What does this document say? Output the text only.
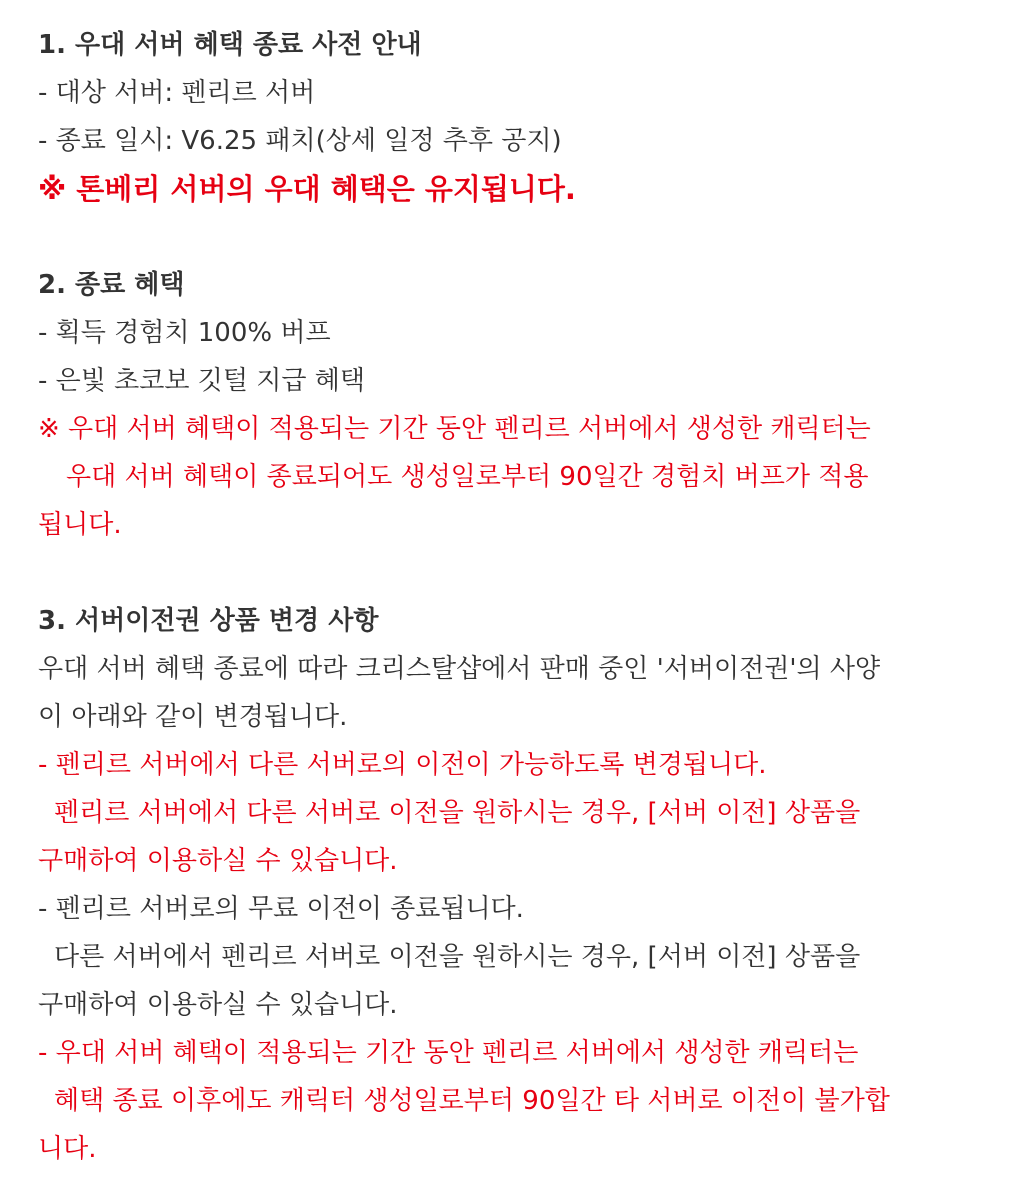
1. 우대 서버 혜택 종료 사전 안내
- 대상 서버: 펜리르 서버
- 종료 일시: V6.25 패치(상세 일정 추후 공지)
※ 톤베리 서버의 우대 혜택은 유지됩니다.
2. 종료 혜택
- 획득 경험치 100% 버프
- 은빛 초코보 깃털 지급 혜택
※ 우대 서버 혜택이 적용되는 기간 동안 펜리르 서버에서 생성한 캐릭터는
우대 서버 혜택이 종료되어도 생성일로부터 90일간 경험치 버프가 적용
됩니다.
3. 서버이전권 상품 변경 사항
우대 서버 혜택 종료에 따라 크리스탈샵에서 판매 중인 '서버이전권'의 사양
이 아래와 같이 변경됩니다.
- 펜리르 서버에서 다른 서버로의 이전이 가능하도록 변경됩니다.
펜리르 서버에서 다른 서버로 이전을 원하시는 경우, [서버 이전] 상품을
구매하여 이용하실 수 있습니다.
- 펜리르 서버로의 무료 이전이 종료됩니다.
다른 서버에서 펜리르 서버로 이전을 원하시는 경우, [서버 이전] 상품을
구매하여 이용하실 수 있습니다.
- 우대 서버 혜택이 적용되는 기간 동안 펜리르 서버에서 생성한 캐릭터는
혜택 종료 이후에도 캐릭터 생성일로부터 90일간 타 서버로 이전이 불가합
니다.
